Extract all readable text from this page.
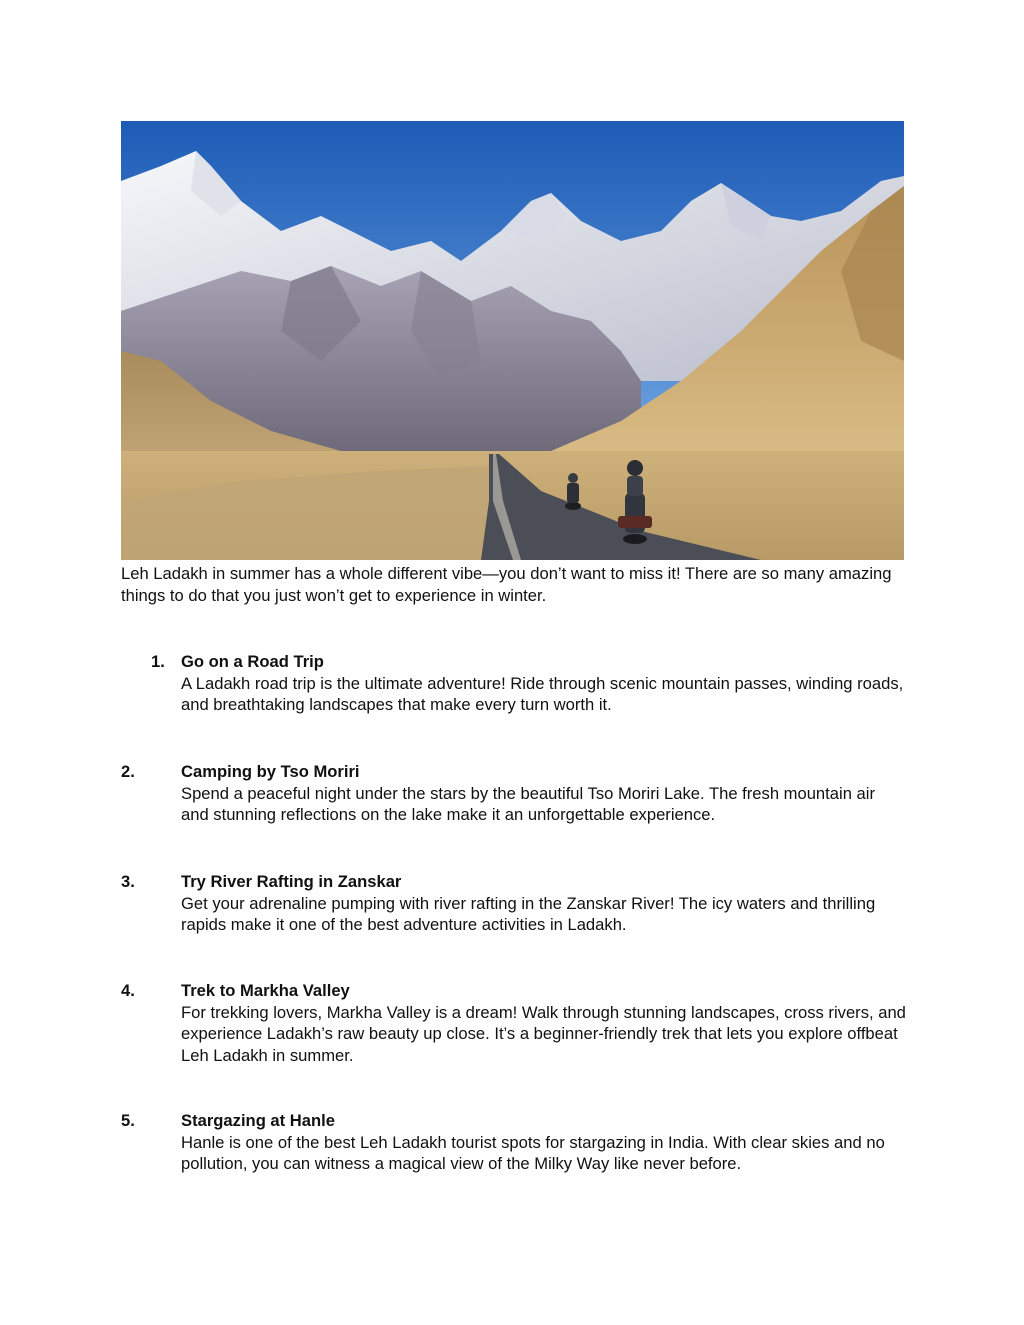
Leh Ladakh in summer has a whole different vibe—you don’t want to miss it! There are so many amazing things to do that you just won’t get to experience in winter.

1. Go on a Road Trip
A Ladakh road trip is the ultimate adventure! Ride through scenic mountain passes, winding roads, and breathtaking landscapes that make every turn worth it.
2.	Camping by Tso Moriri
Spend a peaceful night under the stars by the beautiful Tso Moriri Lake. The fresh mountain air and stunning reflections on the lake make it an unforgettable experience.
3.	Try River Rafting in Zanskar
Get your adrenaline pumping with river rafting in the Zanskar River! The icy waters and thrilling rapids make it one of the best adventure activities in Ladakh.
4.	Trek to Markha Valley
For trekking lovers, Markha Valley is a dream! Walk through stunning landscapes, cross rivers, and experience Ladakh’s raw beauty up close. It’s a beginner-friendly trek that lets you explore offbeat Leh Ladakh in summer.
5.	Stargazing at Hanle
Hanle is one of the best Leh Ladakh tourist spots for stargazing in India. With clear skies and no pollution, you can witness a magical view of the Milky Way like never before.
